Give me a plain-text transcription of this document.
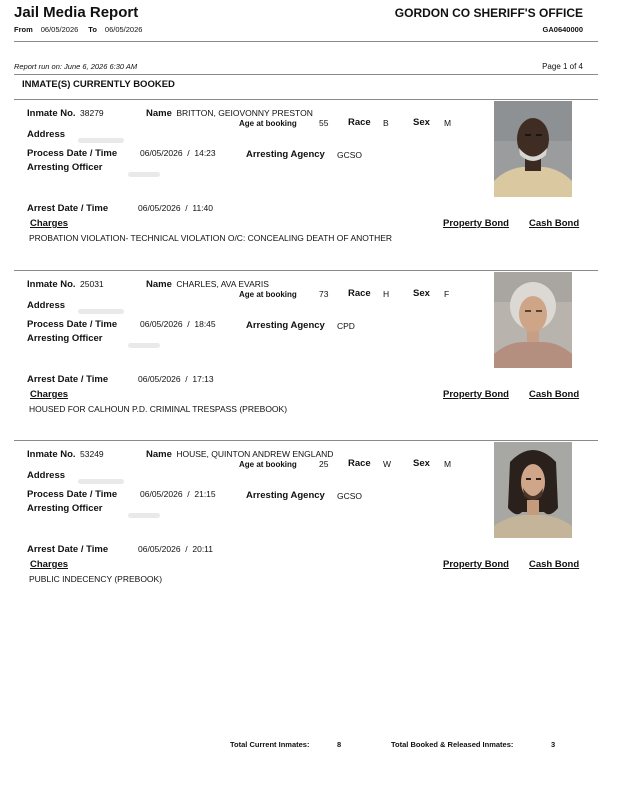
Jail Media Report
From 06/05/2026 To 06/05/2026
GORDON CO SHERIFF'S OFFICE
GA0640000
Report run on: June 6, 2026 6:30 AM	Page 1 of 4
INMATE(S) CURRENTLY BOOKED
Inmate No. 38279	Name BRITTON, GEIOVONNY PRESTON
Age at booking	55 Race B	Sex M
Address
Process Date / Time	06/05/2026  /  14:23	Arresting Agency GCSO
Arresting Officer
Arrest Date / Time	06/05/2026  /  11:40
Charges	Property Bond Cash Bond
PROBATION VIOLATION- TECHNICAL VIOLATION O/C: CONCEALING DEATH OF ANOTHER
Inmate No. 25031	Name CHARLES, AVA EVARIS
Age at booking	73 Race H	Sex F
Address
Process Date / Time	06/05/2026  /  18:45	Arresting Agency CPD
Arresting Officer
Arrest Date / Time	06/05/2026  /  17:13
Charges	Property Bond Cash Bond
HOUSED FOR CALHOUN P.D. CRIMINAL TRESPASS (PREBOOK)
Inmate No. 53249	Name HOUSE, QUINTON ANDREW ENGLAND
Age at booking	25 Race W Sex M
Address
Process Date / Time	06/05/2026  /  21:15	Arresting Agency GCSO
Arresting Officer
Arrest Date / Time	06/05/2026  /  20:11
Charges	Property Bond Cash Bond
PUBLIC INDECENCY (PREBOOK)
Total Current Inmates:	8	Total Booked & Released Inmates:	3
